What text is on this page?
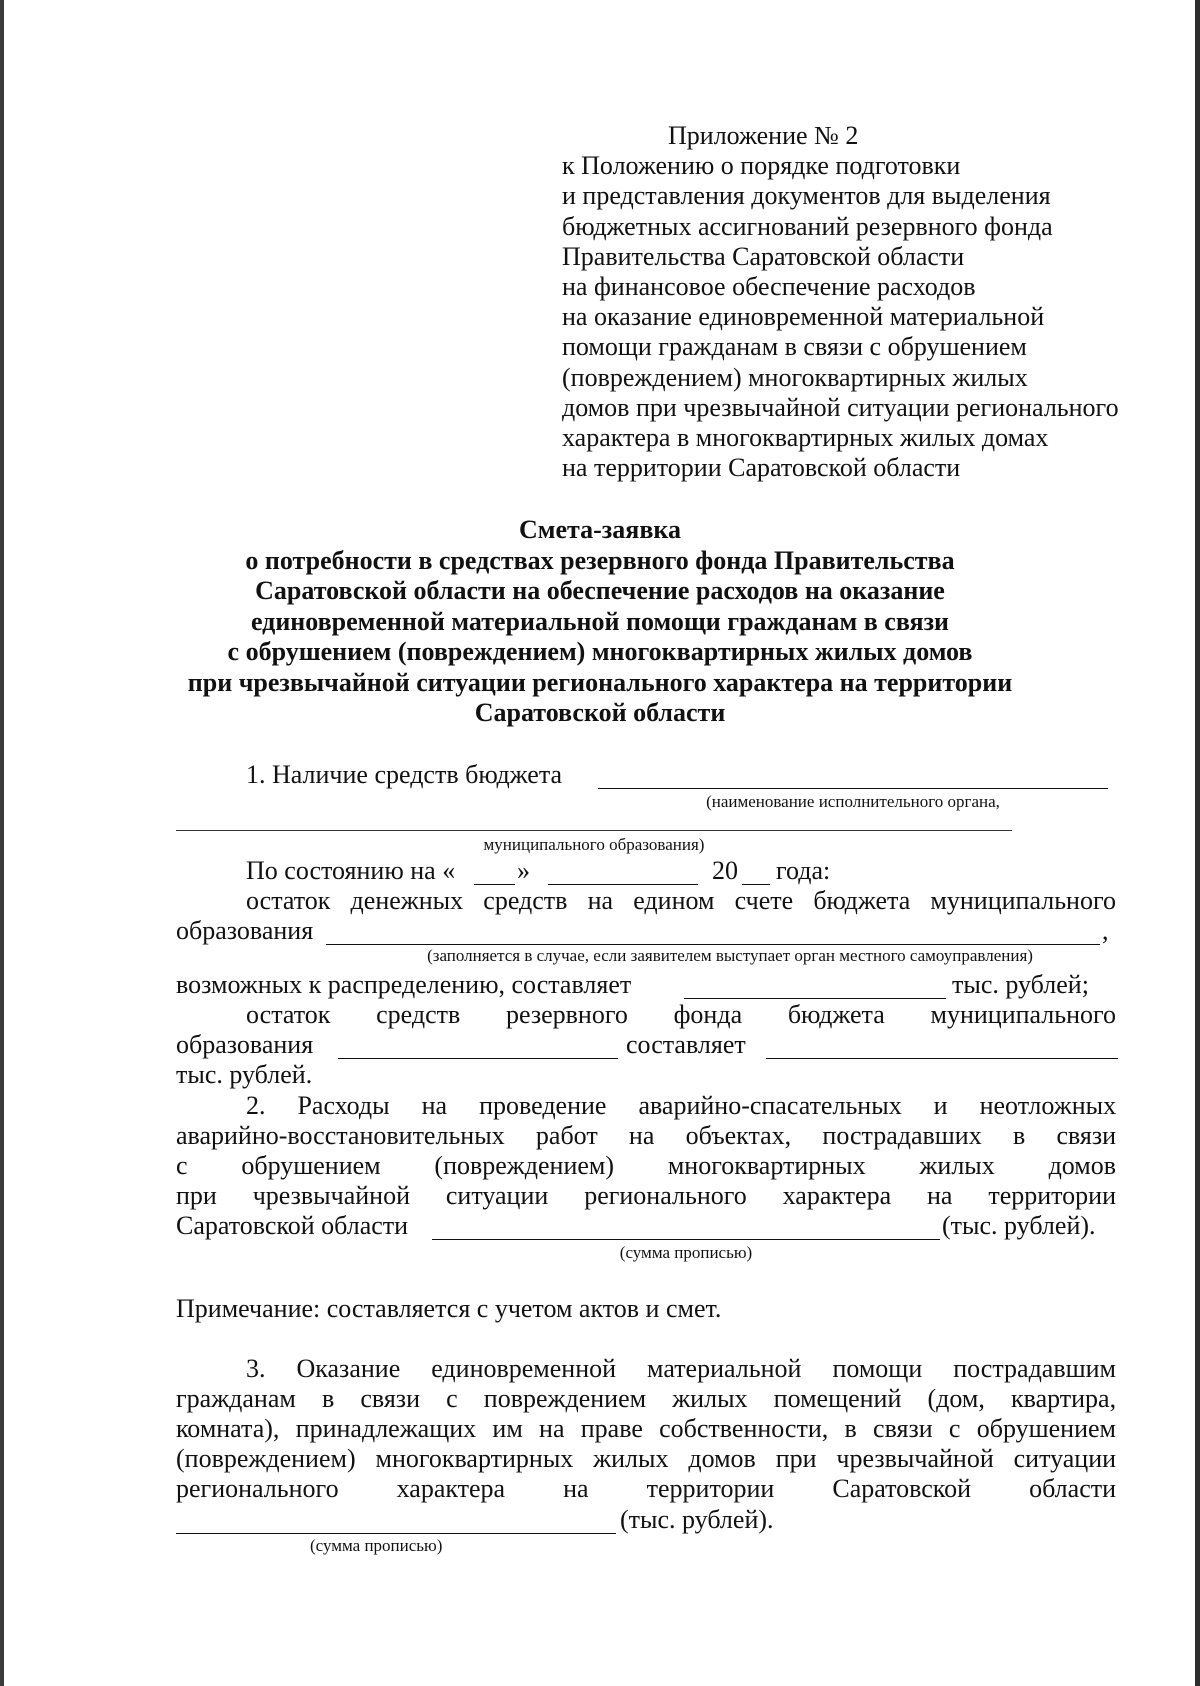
Приложение № 2
к Положению о порядке подготовки
и представления документов для выделения
бюджетных ассигнований резервного фонда
Правительства Саратовской области
на финансовое обеспечение расходов
на оказание единовременной материальной
помощи гражданам в связи с обрушением
(повреждением) многоквартирных жилых
домов при чрезвычайной ситуации регионального
характера в многоквартирных жилых домах
на территории Саратовской области
Смета-заявка
о потребности в средствах резервного фонда Правительства
Саратовской области на обеспечение расходов на оказание
единовременной материальной помощи гражданам в связи
с обрушением (повреждением) многоквартирных жилых домов
при чрезвычайной ситуации регионального характера на территории
Саратовской области
1. Наличие средств бюджета
(наименование исполнительного органа,
муниципального образования)
По состоянию на « »	20 года:
остаток денежных средств на едином счете бюджета муниципального
образования	,
(заполняется в случае, если заявителем выступает орган местного самоуправления)
возможных к распределению, составляет	тыс. рублей;
остаток средств резервного фонда бюджета муниципального
образования	составляет
тыс. рублей.
2. Расходы на проведение аварийно-спасательных и неотложных
аварийно-восстановительных работ на объектах, пострадавших в связи
с обрушением (повреждением) многоквартирных жилых домов
при чрезвычайной ситуации регионального характера на территории
Саратовской области	(тыс. рублей).
(сумма прописью)
Примечание: составляется с учетом актов и смет.
3. Оказание единовременной материальной помощи пострадавшим
гражданам в связи с повреждением жилых помещений (дом, квартира,
комната), принадлежащих им на праве собственности, в связи с обрушением
(повреждением) многоквартирных жилых домов при чрезвычайной ситуации
регионального характера на территории Саратовской области
(тыс. рублей).
(сумма прописью)
